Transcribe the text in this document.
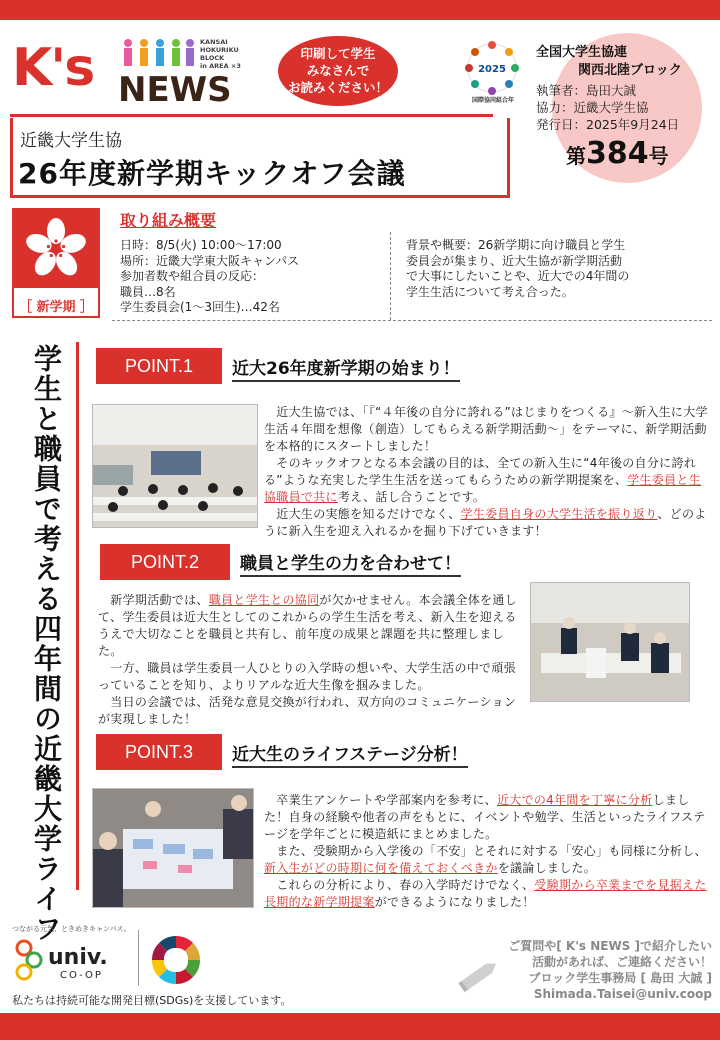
K's	KANSAI
HOKURIKU
BLOCK
in AREA ×3
NEWS
印刷して学生
みなさんで
お読みください！
2025
国際協同組合年
全国大学生協連
関西北陸ブロック
執筆者：島田大誠
協力：近畿大学生協
発行日：2025年9月24日
第384号
近畿大学生協
26年度新学期キックオフ会議
［ 新学期 ］
取り組み概要
日時：8/5(火) 10:00～17:00
場所：近畿大学東大阪キャンパス
参加者数や組合員の反応：
職員…8名
学生委員会(1～3回生)…42名
背景や概要：26新学期に向け職員と学生
委員会が集まり、近大生協が新学期活動
で大事にしたいことや、近大での4年間の
学生生活について考え合った。
学生と職員で考える四年間の近畿大学ライフ	POINT.1	近大26年度新学期の始まり！
　近大生協では、「『“４年後の自分に誇れる”はじまりをつくる』～新入生に大学生活４年間を想像（創造）してもらえる新学期活動～」をテーマに、新学期活動を本格的にスタートしました！
　そのキックオフとなる本会議の目的は、全ての新入生に“4年後の自分に誇れる”ような充実した学生生活を送ってもらうための新学期提案を、学生委員と生協職員で共に考え、話し合うことです。
　近大生の実態を知るだけでなく、学生委員自身の大学生活を振り返り、どのように新入生を迎え入れるかを掘り下げていきます！
POINT.2	職員と学生の力を合わせて！
　新学期活動では、職員と学生との協同が欠かせません。本会議全体を通して、学生委員は近大生としてのこれからの学生生活を考え、新入生を迎えるうえで大切なことを職員と共有し、前年度の成果と課題を共に整理しました。
　一方、職員は学生委員一人ひとりの入学時の想いや、大学生活の中で頑張っていることを知り、よりリアルな近大生像を掴みました。
　当日の会議では、活発な意見交換が行われ、双方向のコミュニケーションが実現しました！
POINT.3	近大生のライフステージ分析！
　卒業生アンケートや学部案内を参考に、近大での4年間を丁寧に分析しました！自身の経験や他者の声をもとに、イベントや勉学、生活といったライフステージを学年ごとに模造紙にまとめました。
　また、受験期から入学後の「不安」とそれに対する「安心」も同様に分析し、新入生がどの時期に何を備えておくべきかを議論しました。
　これらの分析により、春の入学時だけでなく、受験期から卒業までを見据えた長期的な新学期提案ができるようになりました！
つながる元気、ときめきキャンパス。
univ.
CO-OP
私たちは持続可能な開発目標(SDGs)を支援しています。
ご質問や[ K's NEWS ]で紹介したい
活動があれば、ご連絡ください！
ブロック学生事務局 [ 島田 大誠 ]
Shimada.Taisei@univ.coop
